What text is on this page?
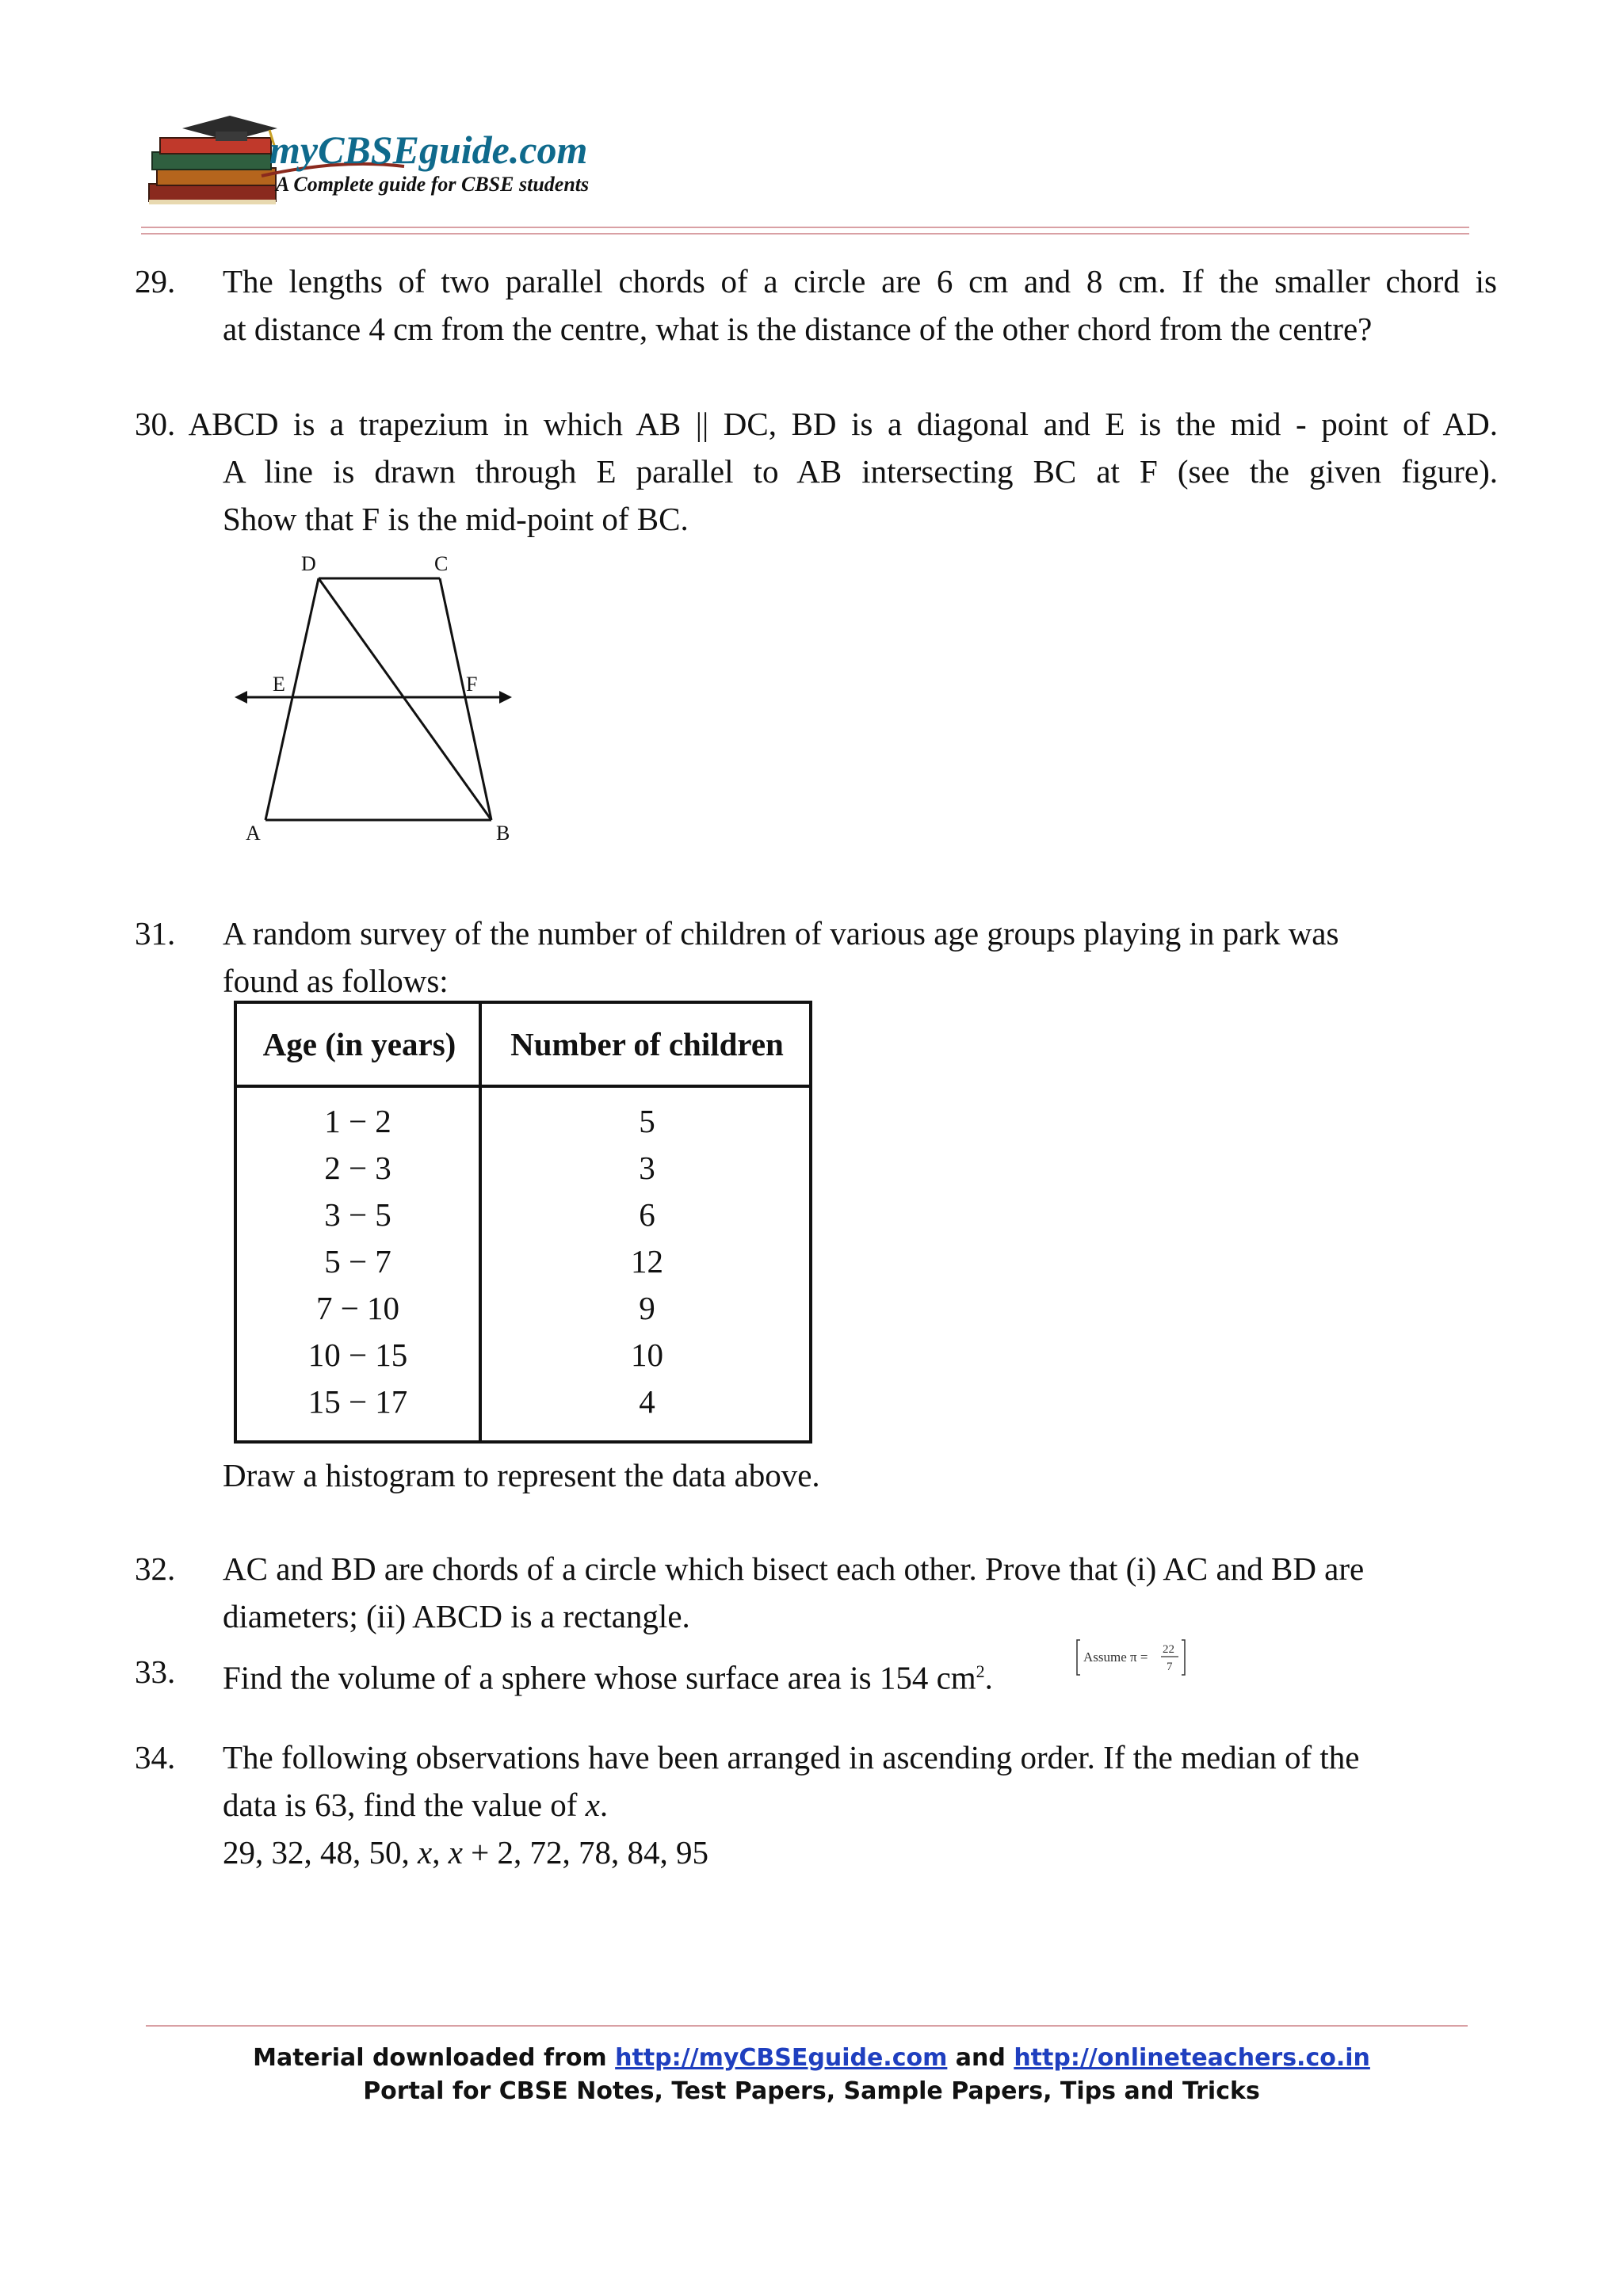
myCBSEguide.com
A Complete guide for CBSE students
29. The lengths of two parallel chords of a circle are 6 cm and 8 cm. If the smaller chord is
at distance 4 cm from the centre, what is the distance of the other chord from the centre?
30. ABCD is a trapezium in which AB || DC, BD is a diagonal and E is the mid - point of AD.
A line is drawn through E parallel to AB intersecting BC at F (see the given figure).
Show that F is the mid-point of BC.
D	C
E	F
A	B
31. A random survey of the number of children of various age groups playing in park was
found as follows:
Age (in years)	Number of children
1 − 2	5
2 − 3	3
3 − 5	6
5 − 7	12
7 − 10	9
10 − 15	10
15 − 17	4
Draw a histogram to represent the data above.
32. AC and BD are chords of a circle which bisect each other. Prove that (i) AC and BD are
diameters; (ii) ABCD is a rectangle.
33. Find the volume of a sphere whose surface area is 154 $cm^2$.
Assume π = 22
7
34. The following observations have been arranged in ascending order. If the median of the
data is 63, find the value of x.
29, 32, 48, 50, x, x + 2, 72, 78, 84, 95
Material downloaded from http://myCBSEguide.com and http://onlineteachers.co.in
Portal for CBSE Notes, Test Papers, Sample Papers, Tips and Tricks
